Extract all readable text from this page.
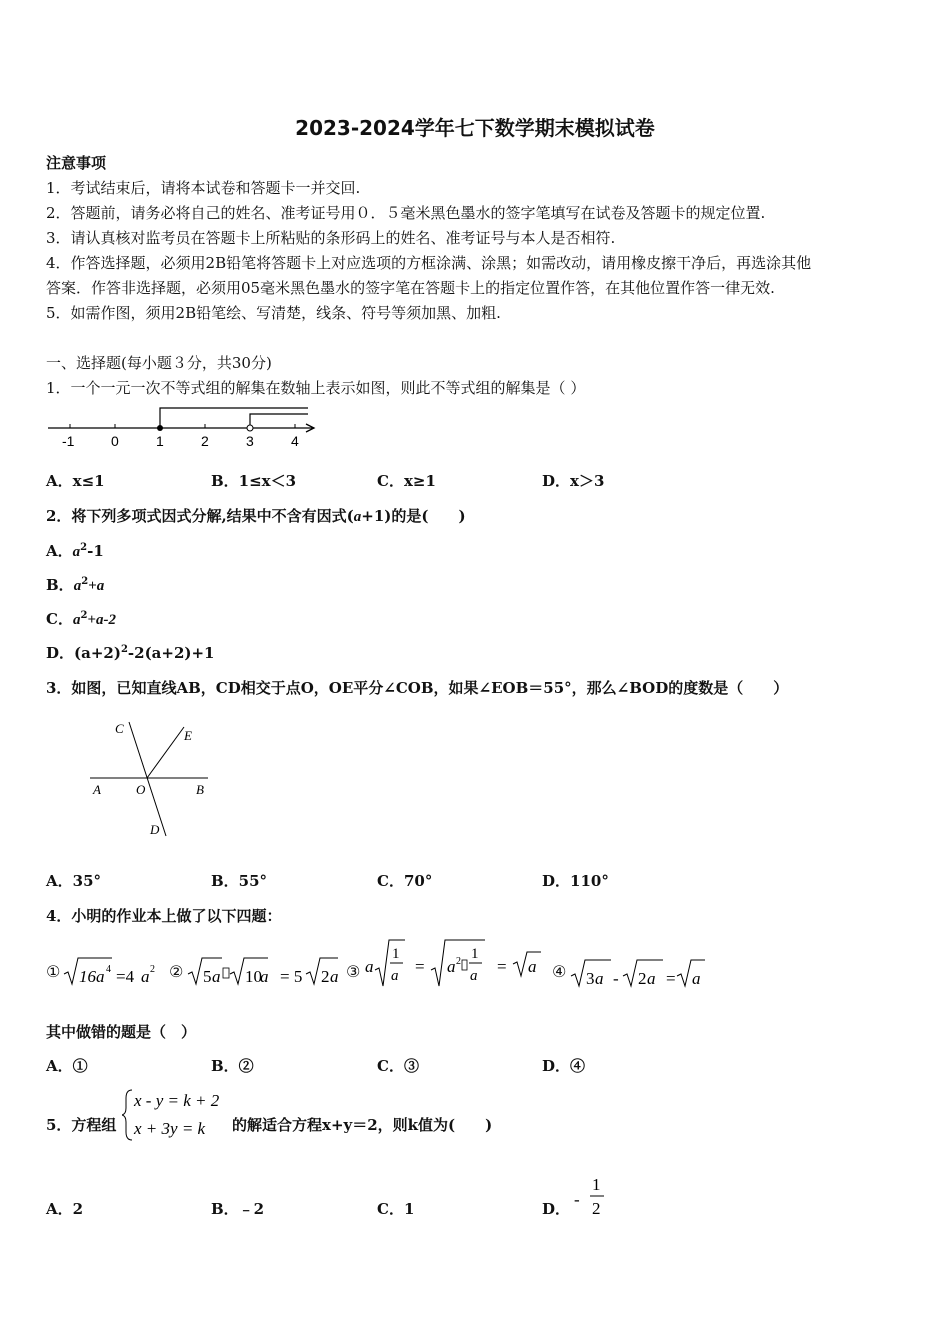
2023-2024学年七下数学期末模拟试卷
注意事项
1．考试结束后，请将本试卷和答题卡一并交回.
2．答题前，请务必将自己的姓名、准考证号用０．５毫米黑色墨水的签字笔填写在试卷及答题卡的规定位置.
3．请认真核对监考员在答题卡上所粘贴的条形码上的姓名、准考证号与本人是否相符.
4．作答选择题，必须用2B铅笔将答题卡上对应选项的方框涂满、涂黑；如需改动，请用橡皮擦干净后，再选涂其他
答案．作答非选择题，必须用05毫米黑色墨水的签字笔在答题卡上的指定位置作答，在其他位置作答一律无效.
5．如需作图，须用2B铅笔绘、写清楚，线条、符号等须加黑、加粗.
一、选择题(每小题３分，共30分)
1．一个一元一次不等式组的解集在数轴上表示如图，则此不等式组的解集是（ ）
-1	0	1	2	3	4
A．x≤1	B．1≤x＜3	C．x≥1	D．x＞3
2．将下列多项式因式分解,结果中不含有因式(a+1)的是(　　)
A．$a^2-1$
B．$a^2+a$
C．$a^2+a-2$
D．$(a+2)^2-2(a+2)+1$
3．如图，已知直线AB，CD相交于点O，OE平分∠COB，如果∠EOB＝55°，那么∠BOD的度数是（　　）
C	E
A	O	B
D
A．35°	B．55°	C．70°	D．110°
4．小明的作业本上做了以下四题：
① 16a 4 =4 a 2 ② 5 a 10
a = 5 2 a ③ a
1
a = a 2 1
a = a ④ 3 a - 2 a = a
其中做错的题是（　）
A．①	B．②	C．③	D．④
5．方程组
x - y = k + 2
x + 3y = k 的解适合方程x+y＝2，则k值为(　　)
A．2	B．﹣2	C．1	D． -
1
2
